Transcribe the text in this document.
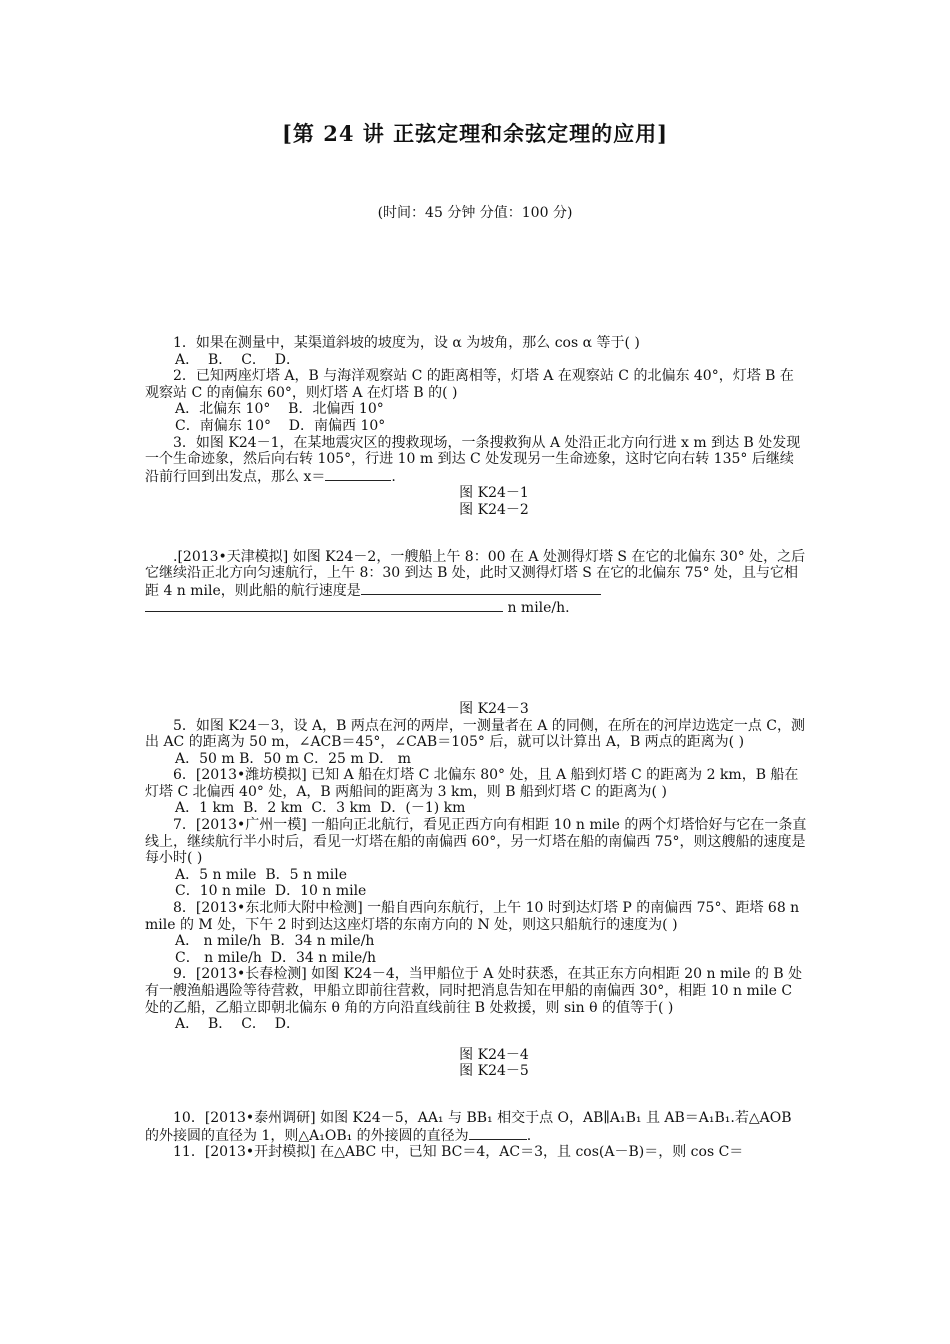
[第 24 讲 正弦定理和余弦定理的应用]
(时间：45 分钟 分值：100 分)

1．如果在测量中，某渠道斜坡的坡度为，设 α 为坡角，那么 cos α 等于( )

A．  B．  C．  D．

2．已知两座灯塔 A，B 与海洋观察站 C 的距离相等，灯塔 A 在观察站 C 的北偏东 40°，灯塔 B 在观察站 C 的南偏东 60°，则灯塔 A 在灯塔 B 的( )

A．北偏东 10°    B．北偏西 10°

C．南偏东 10°    D．南偏西 10°

3．如图 K24－1，在某地震灾区的搜救现场，一条搜救狗从 A 处沿正北方向行进 x m 到达 B 处发现一个生命迹象，然后向右转 105°，行进 10 m 到达 C 处发现另一生命迹象，这时它向右转 135° 后继续沿前行回到出发点，那么 x＝	.

图 K24－1

图 K24－2

.[2013•天津模拟] 如图 K24－2，一艘船上午 8：00 在 A 处测得灯塔 S 在它的北偏东 30° 处，之后它继续沿正北方向匀速航行，上午 8：30 到达 B 处，此时又测得灯塔 S 在它的北偏东 75° 处，且与它相距 4 n mile，则此船的航行速度是

n mile/h.

图 K24－3

5．如图 K24－3，设 A，B 两点在河的两岸，一测量者在 A 的同侧，在所在的河岸边选定一点 C，测出 AC 的距离为 50 m，∠ACB＝45°，∠CAB＝105° 后，就可以计算出 A，B 两点的距离为( )

A．50 m B．50 m C．25 m D． m

6．[2013•潍坊模拟] 已知 A 船在灯塔 C 北偏东 80° 处，且 A 船到灯塔 C 的距离为 2 km，B 船在灯塔 C 北偏西 40° 处，A，B 两船间的距离为 3 km，则 B 船到灯塔 C 的距离为( )

A．1 km  B．2 km  C．3 km  D．(－1) km

7．[2013•广州一模] 一船向正北航行，看见正西方向有相距 10 n mile 的两个灯塔恰好与它在一条直线上，继续航行半小时后，看见一灯塔在船的南偏西 60°，另一灯塔在船的南偏西 75°，则这艘船的速度是每小时( )

A．5 n mile  B．5 n mile

C．10 n mile  D．10 n mile

8．[2013•东北师大附中检测] 一船自西向东航行，上午 10 时到达灯塔 P 的南偏西 75°、距塔 68 n mile 的 M 处，下午 2 时到达这座灯塔的东南方向的 N 处，则这只船航行的速度为( )

A． n mile/h  B．34 n mile/h

C． n mile/h  D．34 n mile/h

9．[2013•长春检测] 如图 K24－4，当甲船位于 A 处时获悉，在其正东方向相距 20 n mile 的 B 处有一艘渔船遇险等待营救，甲船立即前往营救，同时把消息告知在甲船的南偏西 30°，相距 10 n mile C 处的乙船，乙船立即朝北偏东 θ 角的方向沿直线前往 B 处救援，则 sin θ 的值等于( )

A．  B．  C．  D．

图 K24－4

图 K24－5

10．[2013•泰州调研] 如图 K24－5，AA₁ 与 BB₁ 相交于点 O，AB∥A₁B₁ 且 AB＝A₁B₁.若△AOB 的外接圆的直径为 1，则△A₁OB₁ 的外接圆的直径为	.

11．[2013•开封模拟] 在△ABC 中，已知 BC＝4，AC＝3，且 cos(A－B)＝，则 cos C＝
